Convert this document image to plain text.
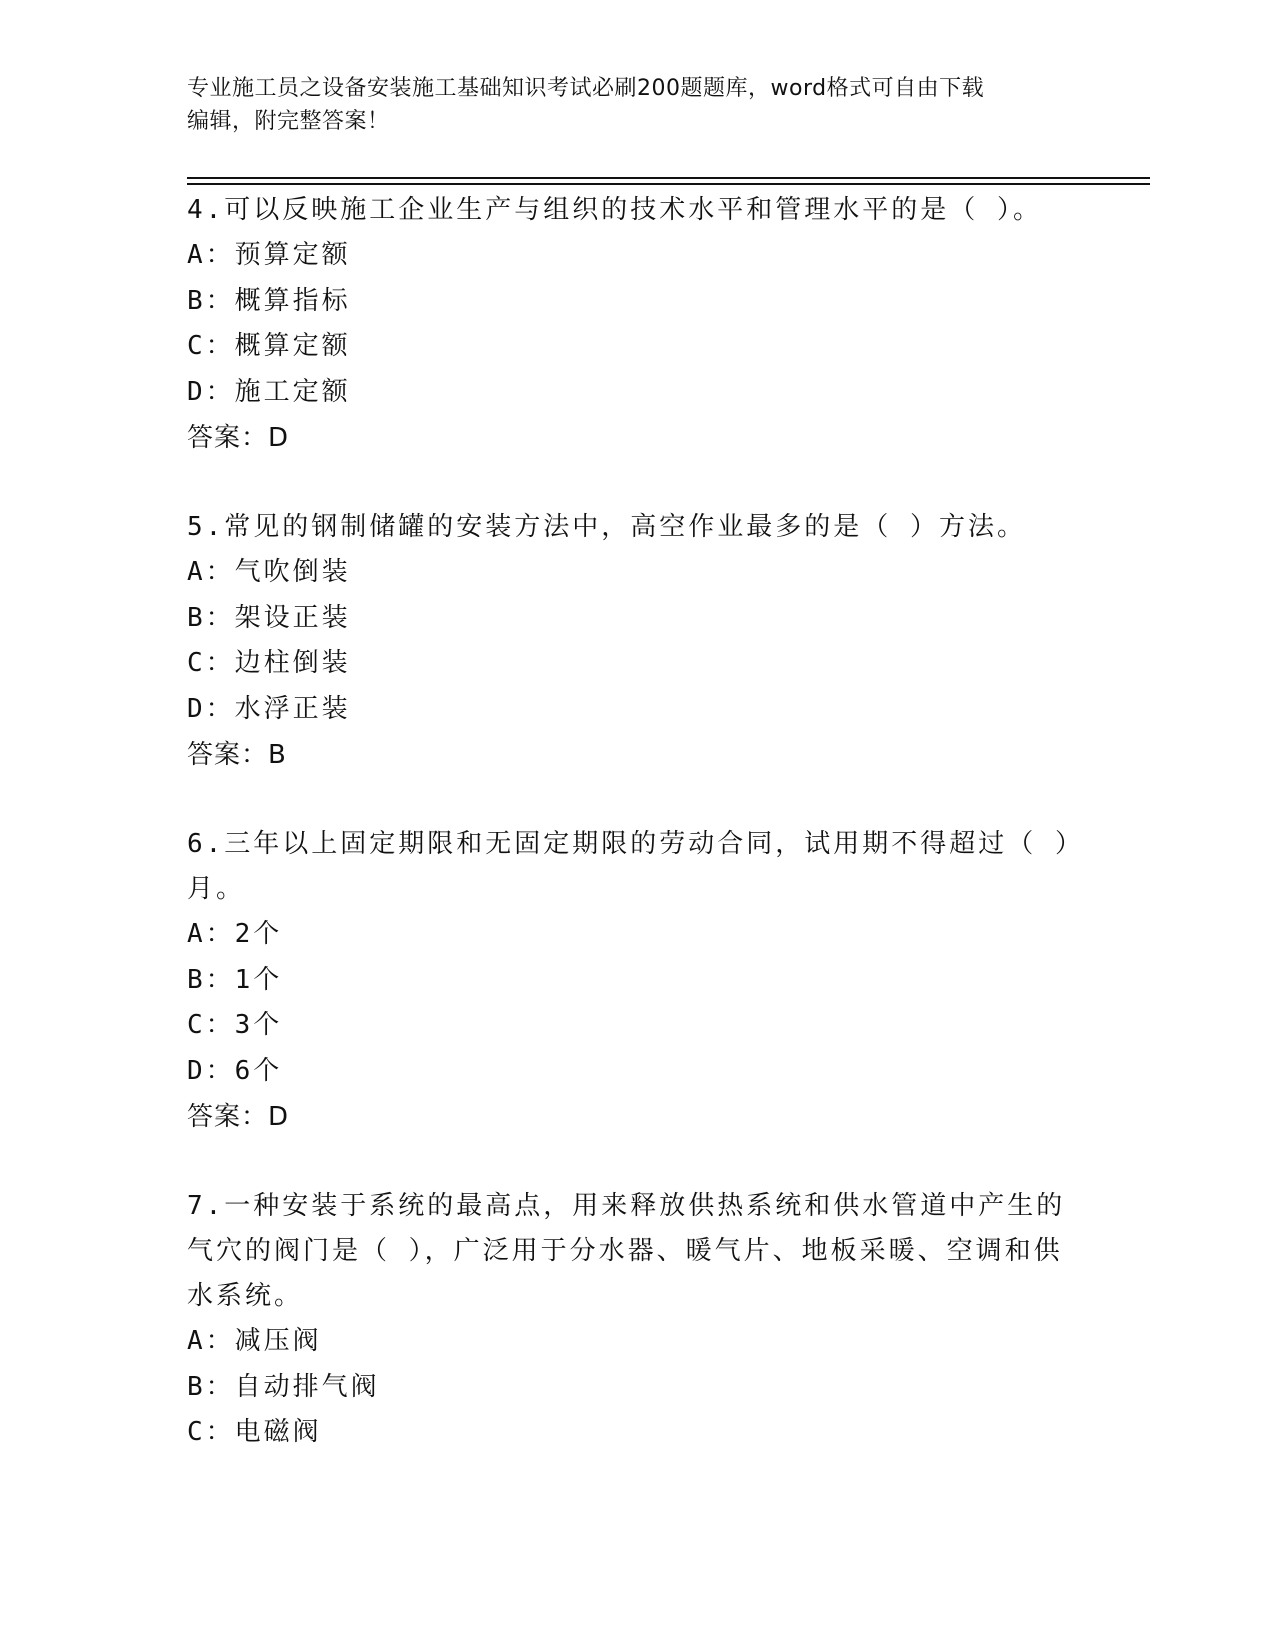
专业施工员之设备安装施工基础知识考试必刷200题题库，word格式可自由下载
编辑，附完整答案！
4.可以反映施工企业生产与组织的技术水平和管理水平的是（ ）。
A：预算定额
B：概算指标
C：概算定额
D：施工定额
答案：D
5.常见的钢制储罐的安装方法中，高空作业最多的是（ ）方法。
A：气吹倒装
B：架设正装
C：边柱倒装
D：水浮正装
答案：B
6.三年以上固定期限和无固定期限的劳动合同，试用期不得超过（ ）月。
A：2个
B：1个
C：3个
D：6个
答案：D
7.一种安装于系统的最高点，用来释放供热系统和供水管道中产生的气穴的阀门是（ ），广泛用于分水器、暖气片、地板采暖、空调和供水系统。
A：减压阀
B：自动排气阀
C：电磁阀
